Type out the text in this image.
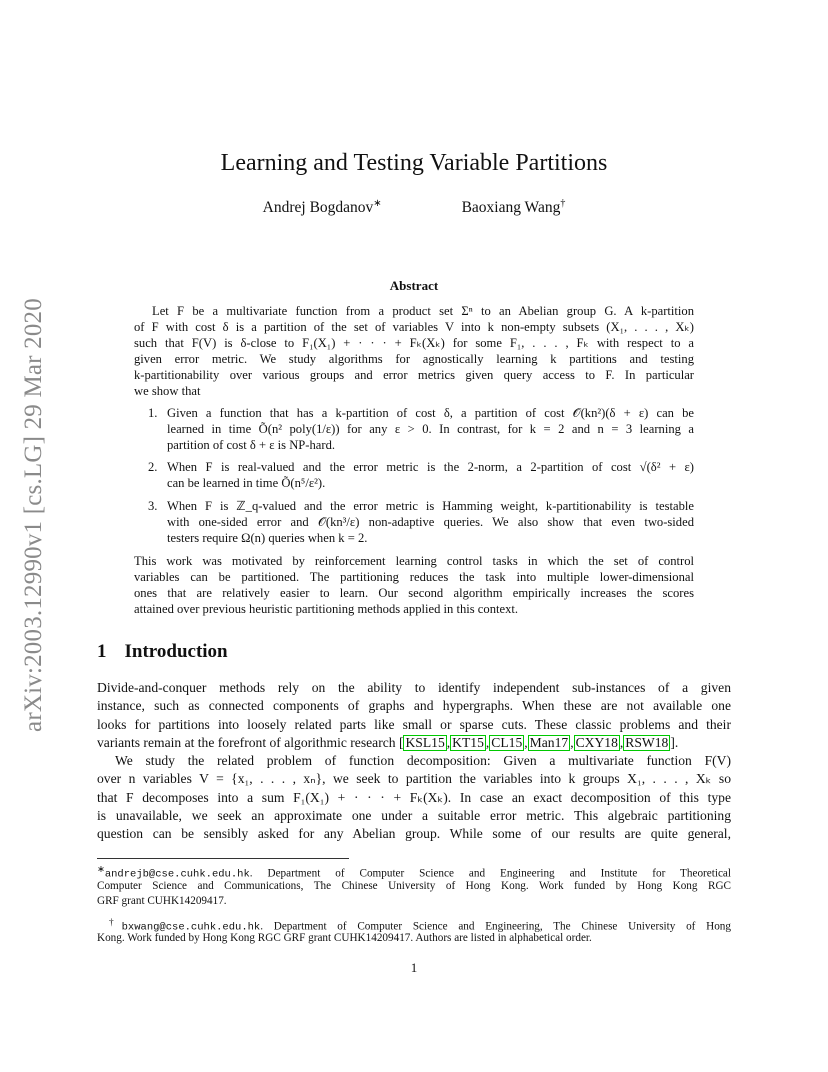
arXiv:2003.12990v1 [cs.LG] 29 Mar 2020
Learning and Testing Variable Partitions
Andrej Bogdanov∗	Baoxiang Wang†
Abstract
Let F be a multivariate function from a product set Σⁿ to an Abelian group G. A k-partition
of F with cost δ is a partition of the set of variables V into k non-empty subsets (X₁, . . . , Xₖ)
such that F(V) is δ-close to F₁(X₁) + · · · + Fₖ(Xₖ) for some F₁, . . . , Fₖ with respect to a
given error metric. We study algorithms for agnostically learning k partitions and testing
k-partitionability over various groups and error metrics given query access to F. In particular
we show that
1. Given a function that has a k-partition of cost δ, a partition of cost 𝒪(kn²)(δ + ε) can be
learned in time Õ(n² poly(1/ε)) for any ε > 0. In contrast, for k = 2 and n = 3 learning a
partition of cost δ + ε is NP-hard.
2. When F is real-valued and the error metric is the 2-norm, a 2-partition of cost √(δ² + ε)
can be learned in time Õ(n⁵/ε²).
3. When F is ℤ_q-valued and the error metric is Hamming weight, k-partitionability is testable
with one-sided error and 𝒪(kn³/ε) non-adaptive queries. We also show that even two-sided
testers require Ω(n) queries when k = 2.
This work was motivated by reinforcement learning control tasks in which the set of control
variables can be partitioned. The partitioning reduces the task into multiple lower-dimensional
ones that are relatively easier to learn. Our second algorithm empirically increases the scores
attained over previous heuristic partitioning methods applied in this context.
1 Introduction
Divide-and-conquer methods rely on the ability to identify independent sub-instances of a given
instance, such as connected components of graphs and hypergraphs. When these are not available one
looks for partitions into loosely related parts like small or sparse cuts. These classic problems and their
variants remain at the forefront of algorithmic research [ KSL15 , KT15 , CL15 , Man17 , CXY18 , RSW18 ].
We study the related problem of function decomposition: Given a multivariate function F(V)
over n variables V = {x₁, . . . , xₙ}, we seek to partition the variables into k groups X₁, . . . , Xₖ so
that F decomposes into a sum F₁(X₁) + · · · + Fₖ(Xₖ). In case an exact decomposition of this type
is unavailable, we seek an approximate one under a suitable error metric. This algebraic partitioning
question can be sensibly asked for any Abelian group. While some of our results are quite general,
∗andrejb@cse.cuhk.edu.hk. Department of Computer Science and Engineering and Institute for Theoretical
Computer Science and Communications, The Chinese University of Hong Kong. Work funded by Hong Kong RGC
GRF grant CUHK14209417.
†bxwang@cse.cuhk.edu.hk. Department of Computer Science and Engineering, The Chinese University of Hong
Kong. Work funded by Hong Kong RGC GRF grant CUHK14209417. Authors are listed in alphabetical order.
1
